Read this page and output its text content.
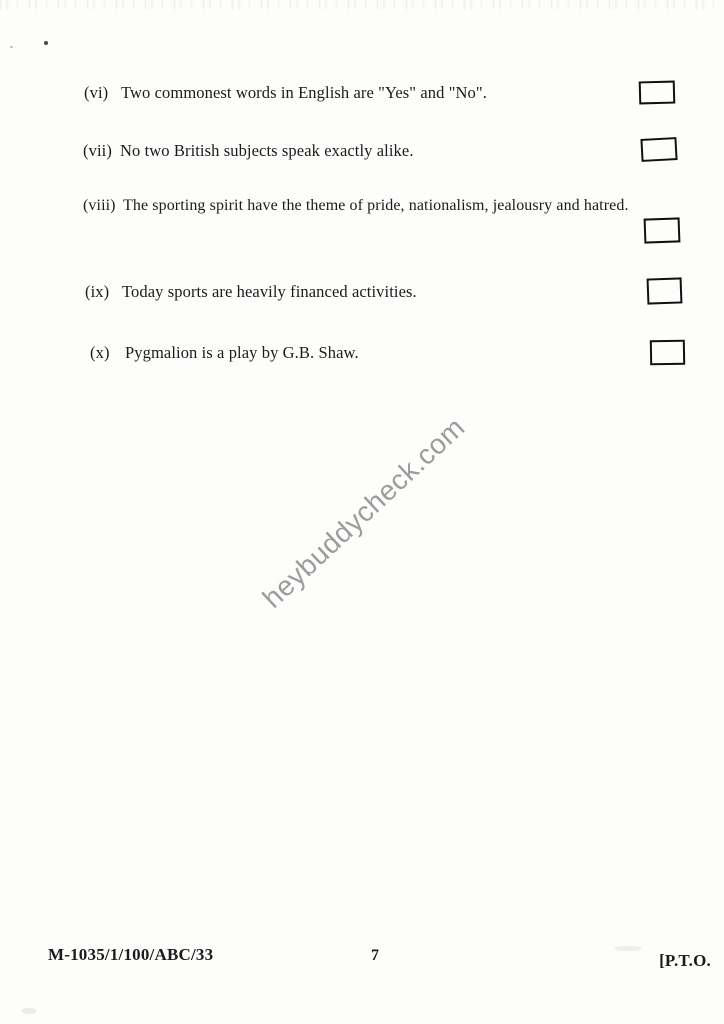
(vi) Two commonest words in English are "Yes" and "No".
(vii) No two British subjects speak exactly alike.
(viii) The sporting spirit have the theme of pride, nationalism, jealousry and hatred.
(ix) Today sports are heavily financed activities.
(x) Pygmalion is a play by G.B. Shaw.
heybuddycheck.com
M-1035/1/100/ABC/33	7	[P.T.O.
